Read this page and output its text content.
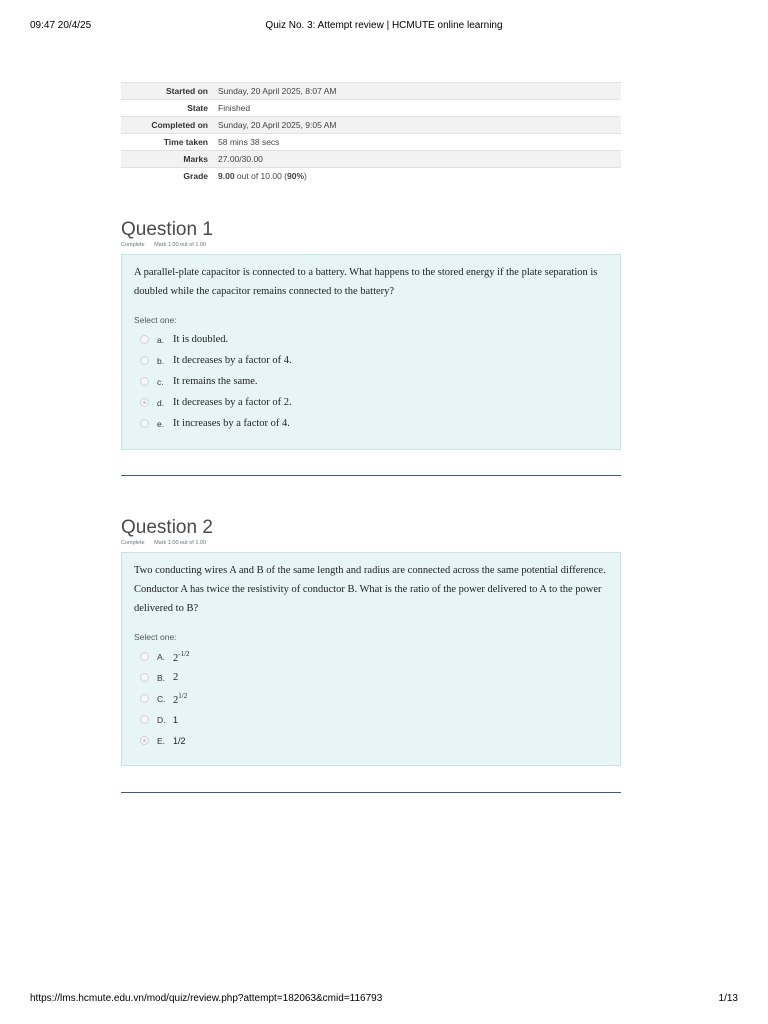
09:47 20/4/25	Quiz No. 3: Attempt review | HCMUTE online learning
Started on	Sunday, 20 April 2025, 8:07 AM
State	Finished
Completed on	Sunday, 20 April 2025, 9:05 AM
Time taken	58 mins 38 secs
Marks	27.00/30.00
Grade	9.00 out of 10.00 (90%)
Question 1
Complete Mark 1.00 out of 1.00
A parallel-plate capacitor is connected to a battery. What happens to the stored energy if the plate separation is doubled while the capacitor remains connected to the battery?
Select one:
a. It is doubled.
b. It decreases by a factor of 4.
c. It remains the same.
d. It decreases by a factor of 2.
e. It increases by a factor of 4.
Question 2
Complete Mark 1.00 out of 1.00
Two conducting wires A and B of the same length and radius are connected across the same potential difference. Conductor A has twice the resistivity of conductor B. What is the ratio of the power delivered to A to the power delivered to B?
Select one:
A. $2^{-1/2}$
B. 2
C. $2^{1/2}$
D. 1
E. 1/2
https://lms.hcmute.edu.vn/mod/quiz/review.php?attempt=182063&cmid=116793	1/13
